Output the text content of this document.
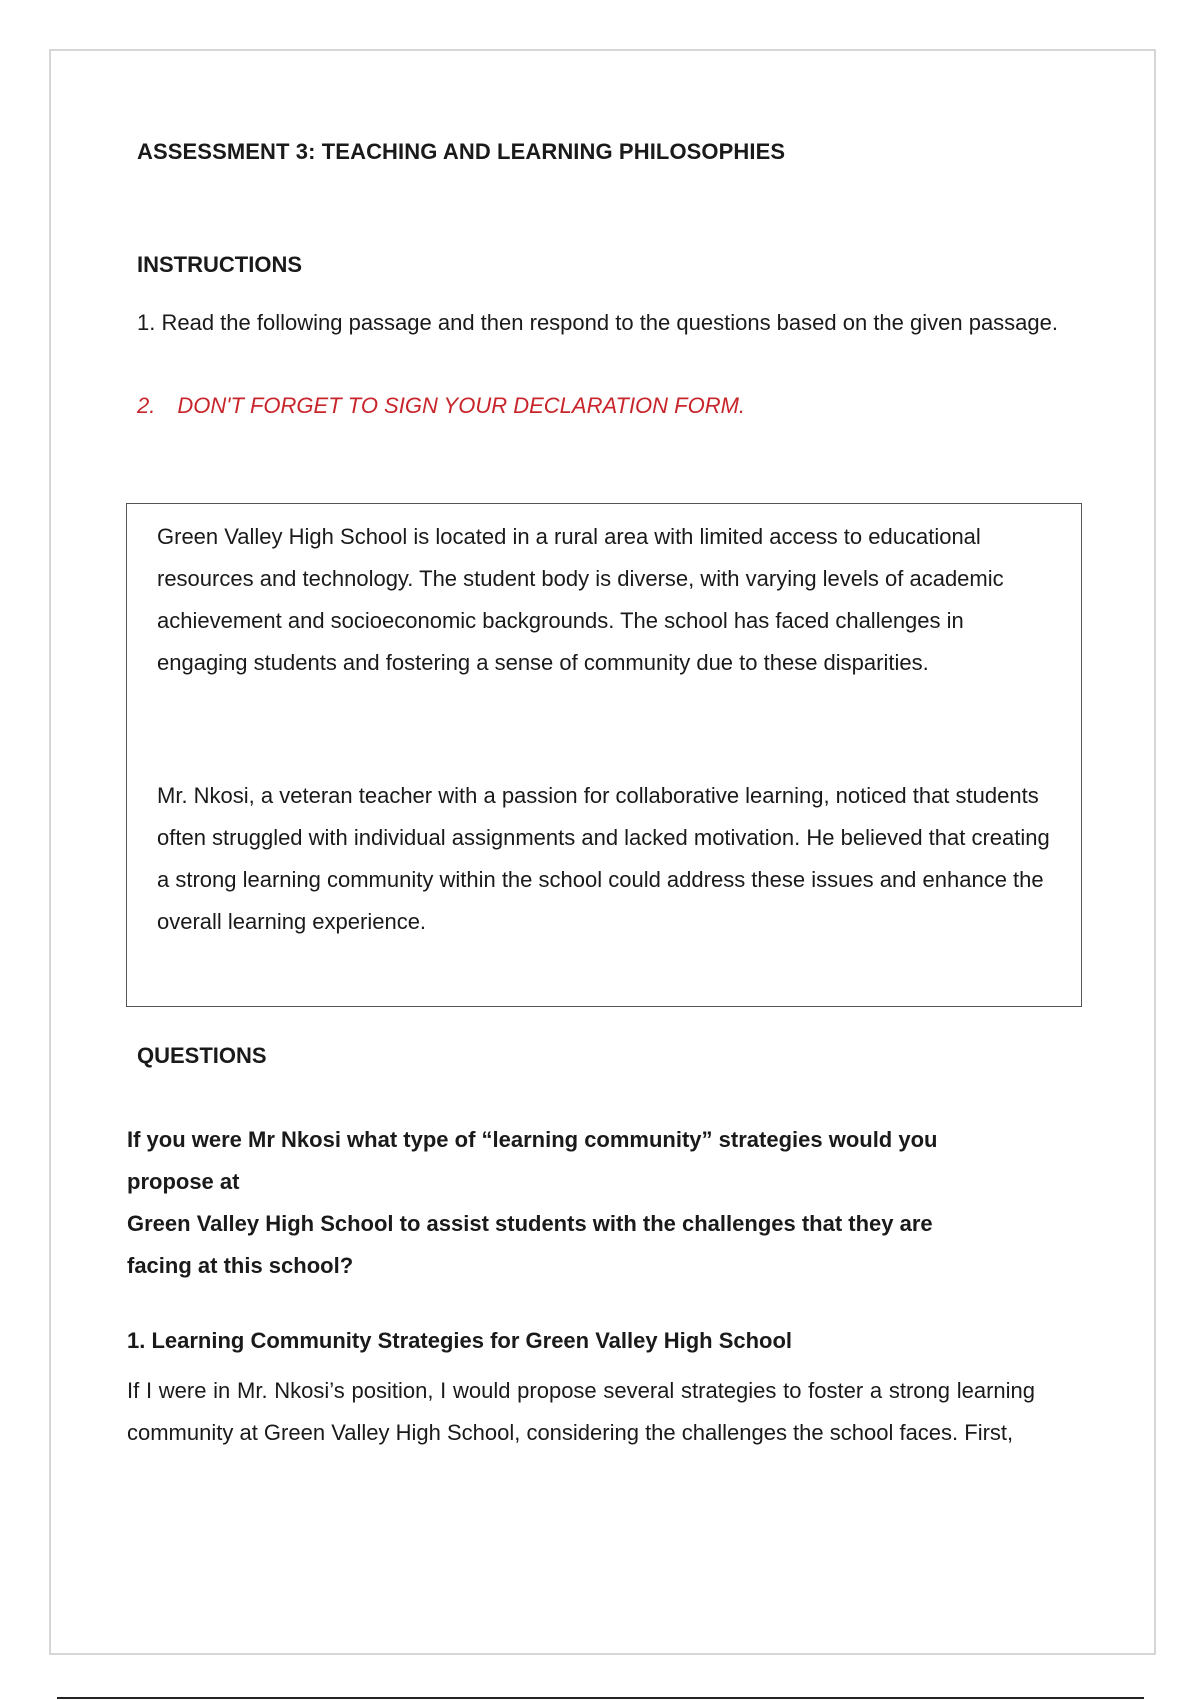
ASSESSMENT 3: TEACHING AND LEARNING PHILOSOPHIES
INSTRUCTIONS
1. Read the following passage and then respond to the questions based on the given passage.
2. DON'T FORGET TO SIGN YOUR DECLARATION FORM.

Green Valley High School is located in a rural area with limited access to educational resources and technology. The student body is diverse, with varying levels of academic achievement and socioeconomic backgrounds. The school has faced challenges in engaging students and fostering a sense of community due to these disparities.

Mr. Nkosi, a veteran teacher with a passion for collaborative learning, noticed that students often struggled with individual assignments and lacked motivation. He believed that creating a strong learning community within the school could address these issues and enhance the overall learning experience.

QUESTIONS
If you were Mr Nkosi what type of “learning community” strategies would you
propose at
Green Valley High School to assist students with the challenges that they are
facing at this school?
1. Learning Community Strategies for Green Valley High School

If I were in Mr. Nkosi’s position, I would propose several strategies to foster a strong learning community at Green Valley High School, considering the challenges the school faces. First,
